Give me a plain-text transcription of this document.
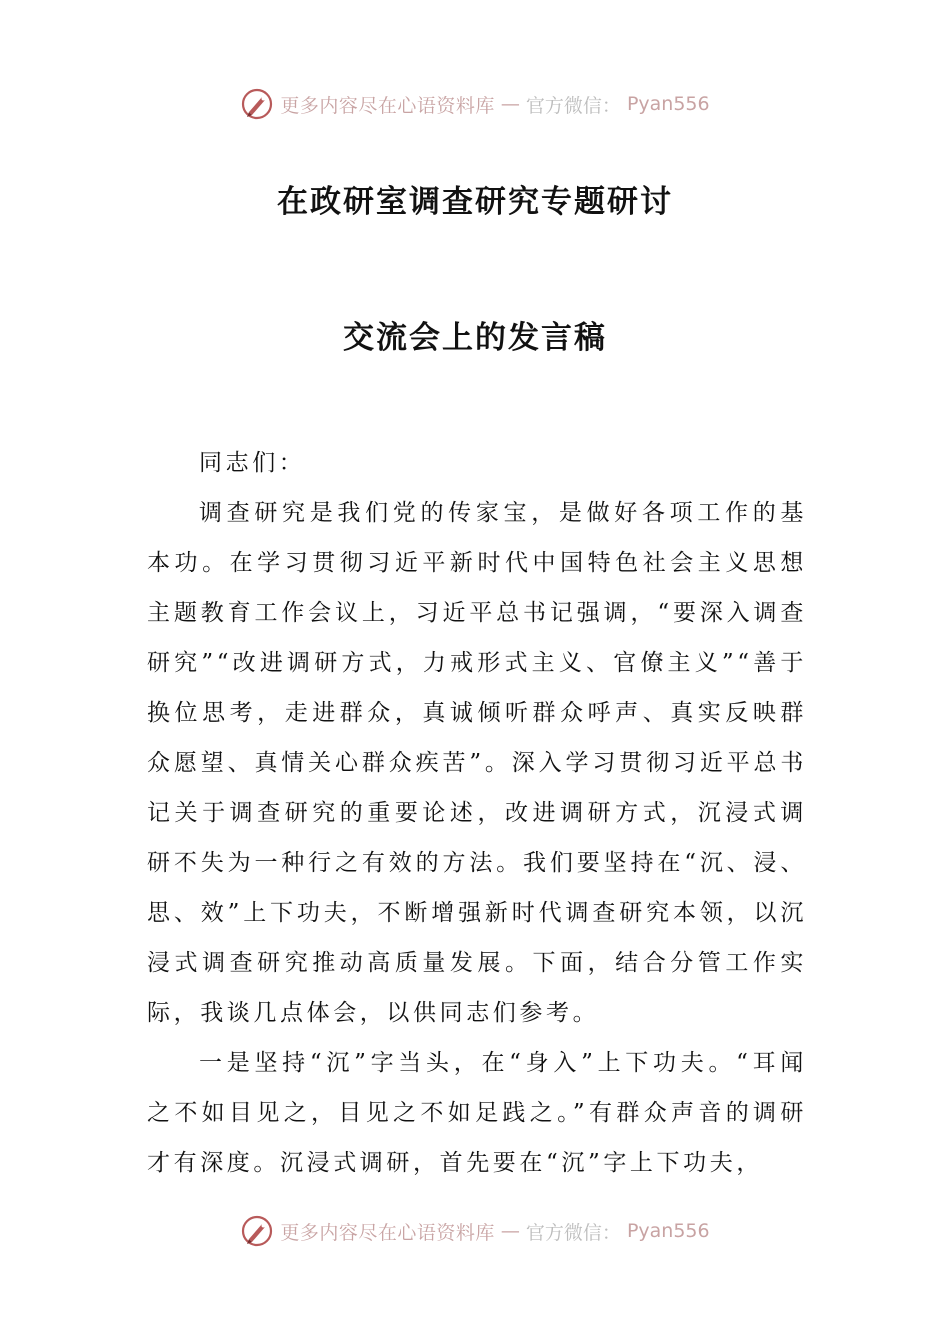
更多内容尽在心语资料库 — 官方微信： Pyan556
在政研室调查研究专题研讨
交流会上的发言稿

同志们：

调查研究是我们党的传家宝，是做好各项工作的基本功。在学习贯彻习近平新时代中国特色社会主义思想主题教育工作会议上，习近平总书记强调，“要深入调查研究”“改进调研方式，力戒形式主义、官僚主义”“善于换位思考，走进群众，真诚倾听群众呼声、真实反映群众愿望、真情关心群众疾苦”。深入学习贯彻习近平总书记关于调查研究的重要论述，改进调研方式，沉浸式调研不失为一种行之有效的方法。我们要坚持在“沉、浸、思、效”上下功夫，不断增强新时代调查研究本领，以沉浸式调查研究推动高质量发展。下面，结合分管工作实际，我谈几点体会，以供同志们参考。

一是坚持“沉”字当头，在“身入”上下功夫。“耳闻之不如目见之，目见之不如足践之。”有群众声音的调研才有深度。沉浸式调研，首先要在“沉”字上下功夫，

更多内容尽在心语资料库 — 官方微信： Pyan556
